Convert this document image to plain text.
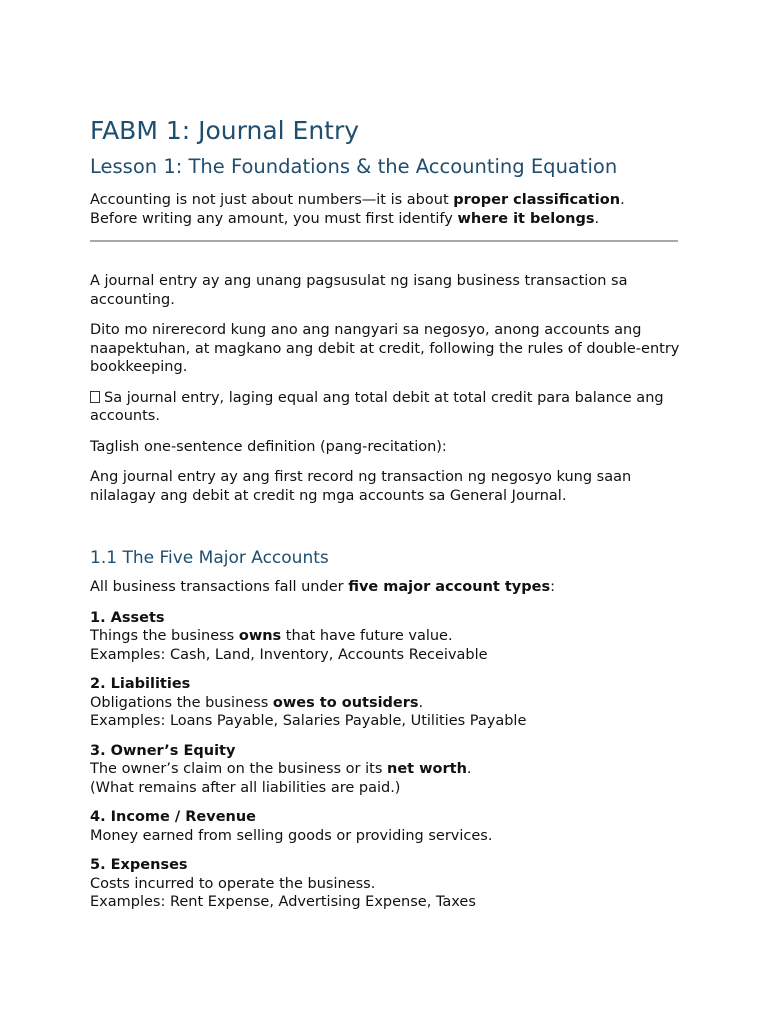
FABM 1: Journal Entry
Lesson 1: The Foundations & the Accounting Equation

Accounting is not just about numbers—it is about proper classification.
Before writing any amount, you must first identify where it belongs.

A journal entry ay ang unang pagsusulat ng isang business transaction sa accounting.

Dito mo nirerecord kung ano ang nangyari sa negosyo, anong accounts ang naapektuhan, at magkano ang debit at credit, following the rules of double-entry bookkeeping.

Sa journal entry, laging equal ang total debit at total credit para balance ang accounts.

Taglish one-sentence definition (pang-recitation):

Ang journal entry ay ang first record ng transaction ng negosyo kung saan nilalagay ang debit at credit ng mga accounts sa General Journal.

1.1 The Five Major Accounts

All business transactions fall under five major account types:

1. Assets

Things the business owns that have future value.

Examples: Cash, Land, Inventory, Accounts Receivable

2. Liabilities

Obligations the business owes to outsiders.

Examples: Loans Payable, Salaries Payable, Utilities Payable

3. Owner’s Equity

The owner’s claim on the business or its net worth.

(What remains after all liabilities are paid.)

4. Income / Revenue

Money earned from selling goods or providing services.

5. Expenses

Costs incurred to operate the business.

Examples: Rent Expense, Advertising Expense, Taxes
